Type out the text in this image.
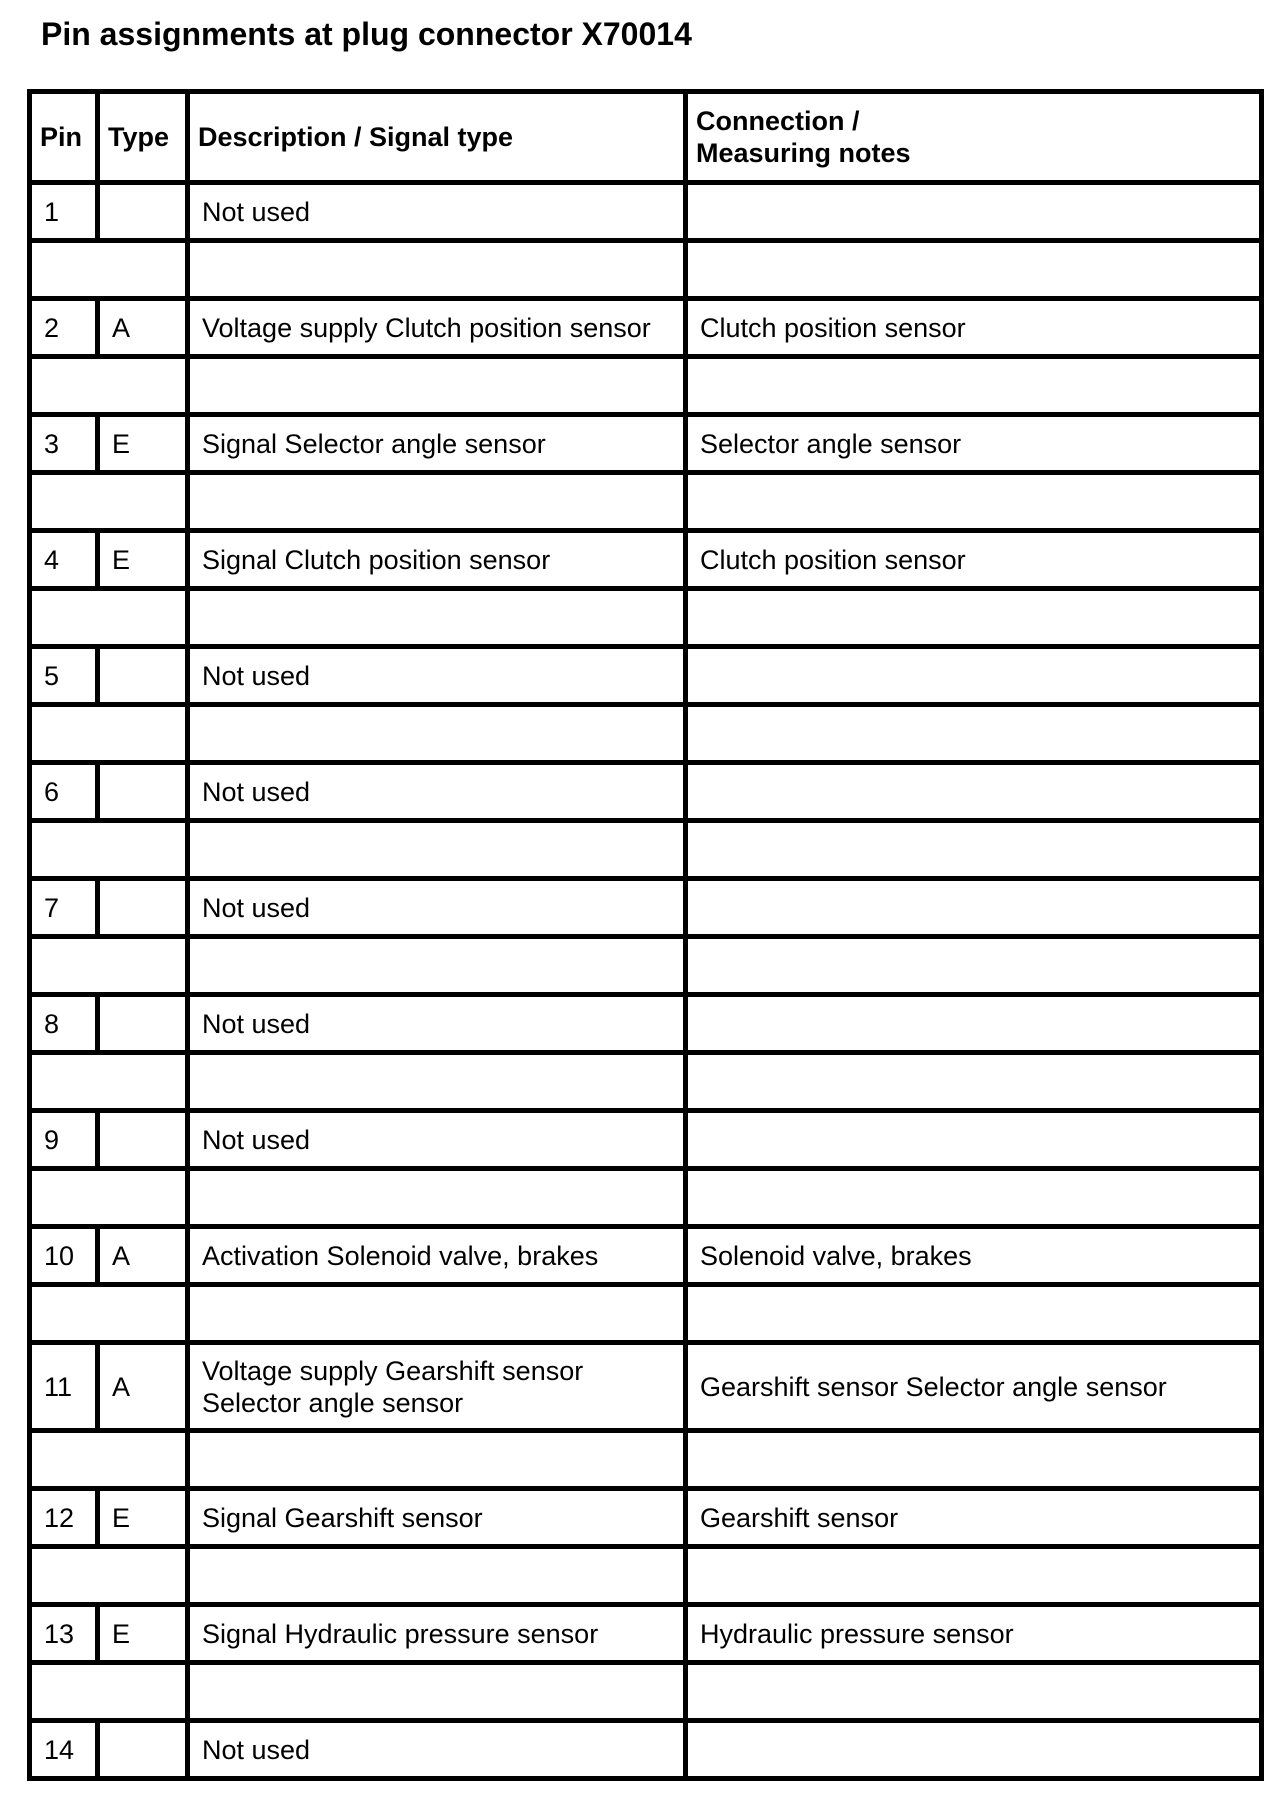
Pin assignments at plug connector X70014
Pin	Type	Description / Signal type	Connection /
Measuring notes
1		Not used	

2	A	Voltage supply Clutch position sensor	Clutch position sensor

3	E	Signal Selector angle sensor	Selector angle sensor

4	E	Signal Clutch position sensor	Clutch position sensor

5		Not used	

6		Not used	

7		Not used	

8		Not used	

9		Not used	

10	A	Activation Solenoid valve, brakes	Solenoid valve, brakes

11	A	Voltage supply Gearshift sensor
Selector angle sensor	Gearshift sensor Selector angle sensor

12	E	Signal Gearshift sensor	Gearshift sensor

13	E	Signal Hydraulic pressure sensor	Hydraulic pressure sensor

14		Not used	
